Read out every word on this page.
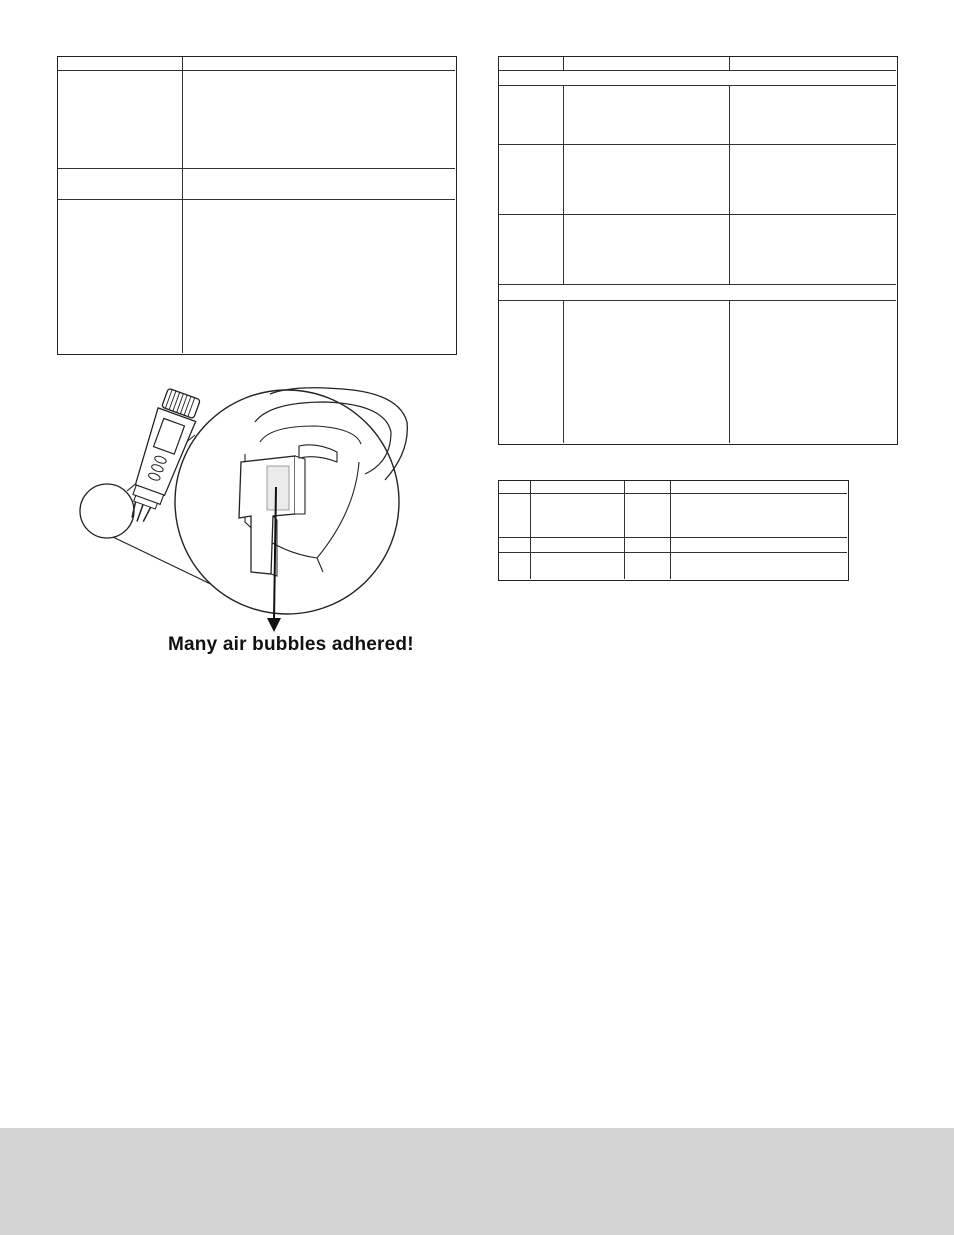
Many air bubbles adhered!
